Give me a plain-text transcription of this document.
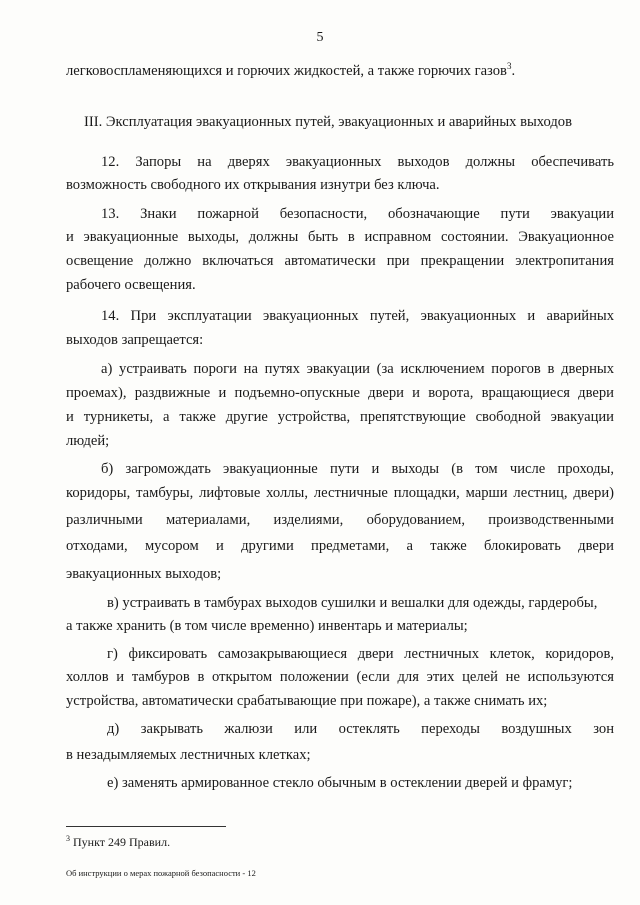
5
легковоспламеняющихся и горючих жидкостей, а также горючих газов$^3$.
III. Эксплуатация эвакуационных путей, эвакуационных и аварийных выходов
12. Запоры на дверях эвакуационных выходов должны обеспечивать
возможность свободного их открывания изнутри без ключа.
13. Знаки пожарной безопасности, обозначающие пути эвакуации
и эвакуационные выходы, должны быть в исправном состоянии. Эвакуационное
освещение должно включаться автоматически при прекращении электропитания
рабочего освещения.
14. При эксплуатации эвакуационных путей, эвакуационных и аварийных
выходов запрещается:
а) устраивать пороги на путях эвакуации (за исключением порогов в дверных
проемах), раздвижные и подъемно-опускные двери и ворота, вращающиеся двери
и турникеты, а также другие устройства, препятствующие свободной эвакуации
людей;
б) загромождать эвакуационные пути и выходы (в том числе проходы,
коридоры, тамбуры, лифтовые холлы, лестничные площадки, марши лестниц, двери)
различными материалами, изделиями, оборудованием, производственными
отходами, мусором и другими предметами, а также блокировать двери
эвакуационных выходов;
в) устраивать в тамбурах выходов сушилки и вешалки для одежды, гардеробы,
а также хранить (в том числе временно) инвентарь и материалы;
г) фиксировать самозакрывающиеся двери лестничных клеток, коридоров,
холлов и тамбуров в открытом положении (если для этих целей не используются
устройства, автоматически срабатывающие при пожаре), а также снимать их;
д) закрывать жалюзи или остеклять переходы воздушных зон
в незадымляемых лестничных клетках;
е) заменять армированное стекло обычным в остеклении дверей и фрамуг;
$^3$ Пункт 249 Правил.
Об инструкции о мерах пожарной безопасности - 12
